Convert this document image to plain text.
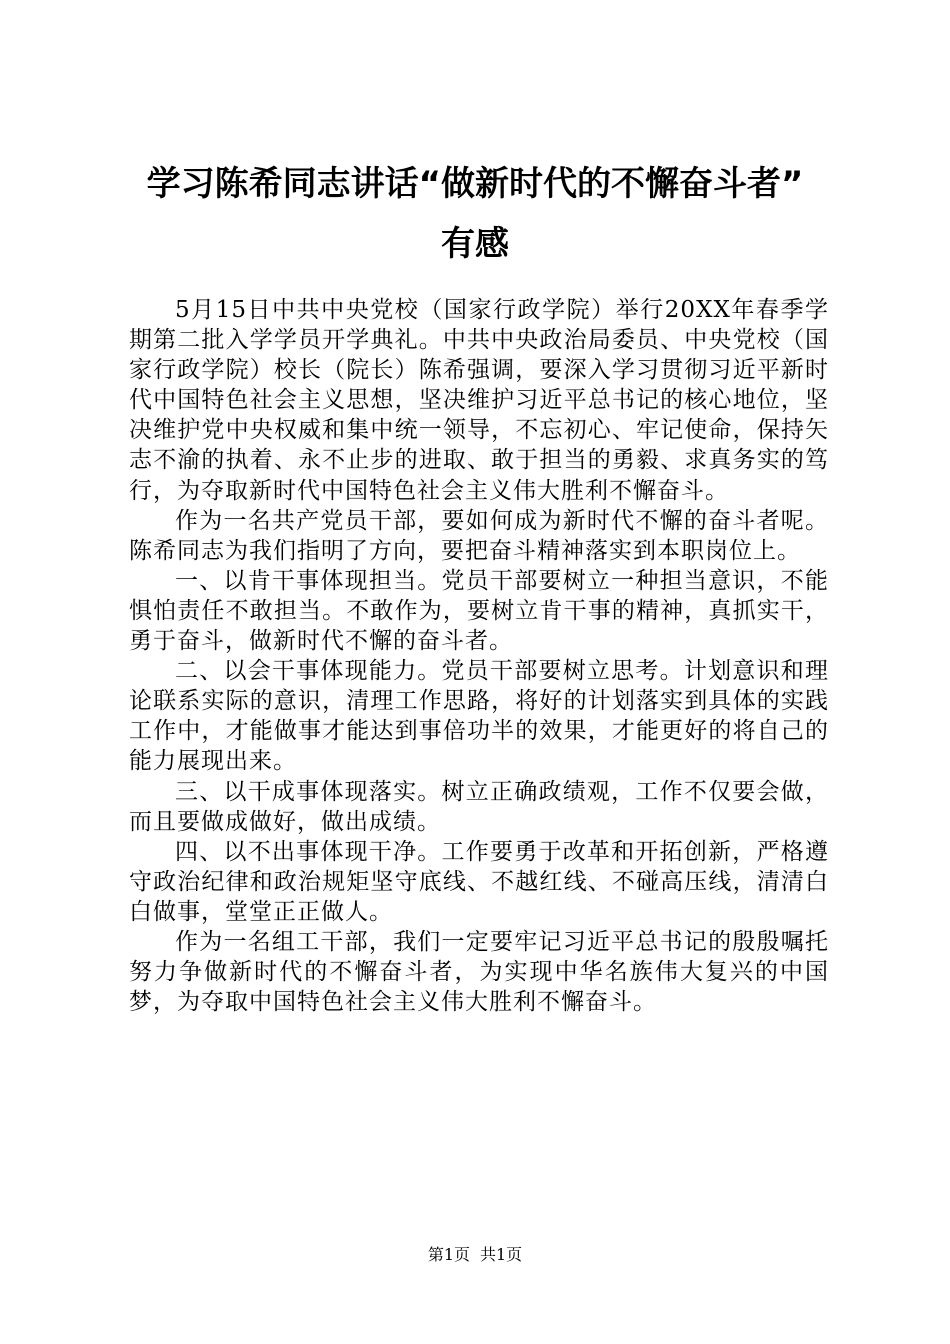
学习陈希同志讲话“做新时代的不懈奋斗者”
有感

5月15日中共中央党校（国家行政学院）举行20XX年春季学期第二批入学学员开学典礼。中共中央政治局委员、中央党校（国家行政学院）校长（院长）陈希强调，要深入学习贯彻习近平新时代中国特色社会主义思想，坚决维护习近平总书记的核心地位，坚决维护党中央权威和集中统一领导，不忘初心、牢记使命，保持矢志不渝的执着、永不止步的进取、敢于担当的勇毅、求真务实的笃行，为夺取新时代中国特色社会主义伟大胜利不懈奋斗。

作为一名共产党员干部，要如何成为新时代不懈的奋斗者呢。陈希同志为我们指明了方向，要把奋斗精神落实到本职岗位上。

一、以肯干事体现担当。党员干部要树立一种担当意识，不能惧怕责任不敢担当。不敢作为，要树立肯干事的精神，真抓实干，勇于奋斗，做新时代不懈的奋斗者。

二、以会干事体现能力。党员干部要树立思考。计划意识和理论联系实际的意识，清理工作思路，将好的计划落实到具体的实践工作中，才能做事才能达到事倍功半的效果，才能更好的将自己的能力展现出来。

三、以干成事体现落实。树立正确政绩观，工作不仅要会做，而且要做成做好，做出成绩。

四、以不出事体现干净。工作要勇于改革和开拓创新，严格遵守政治纪律和政治规矩坚守底线、不越红线、不碰高压线，清清白白做事，堂堂正正做人。

作为一名组工干部，我们一定要牢记习近平总书记的殷殷嘱托努力争做新时代的不懈奋斗者，为实现中华名族伟大复兴的中国梦，为夺取中国特色社会主义伟大胜利不懈奋斗。

第1页 共1页
